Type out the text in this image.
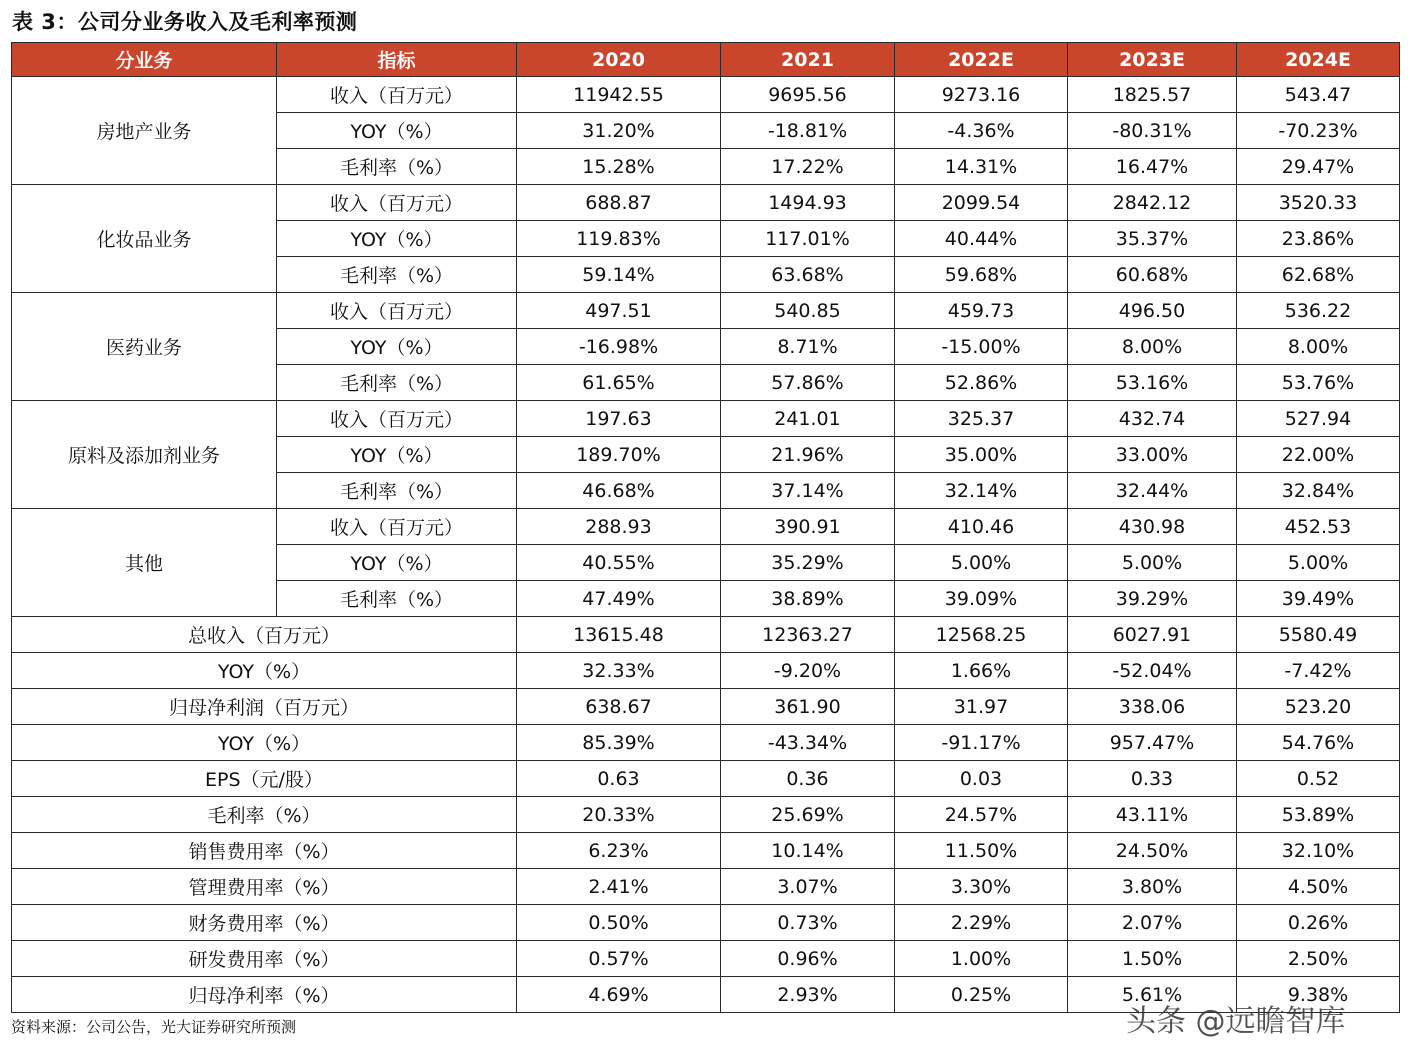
表 3：公司分业务收入及毛利率预测
分业务	指标	2020	2021	2022E	2023E	2024E
房地产业务	收入（百万元）	11942.55	9695.56	9273.16	1825.57	543.47
	YOY（%）	31.20%	-18.81%	-4.36%	-80.31%	-70.23%
	毛利率（%）	15.28%	17.22%	14.31%	16.47%	29.47%
化妆品业务	收入（百万元）	688.87	1494.93	2099.54	2842.12	3520.33
	YOY（%）	119.83%	117.01%	40.44%	35.37%	23.86%
	毛利率（%）	59.14%	63.68%	59.68%	60.68%	62.68%
医药业务	收入（百万元）	497.51	540.85	459.73	496.50	536.22
	YOY（%）	-16.98%	8.71%	-15.00%	8.00%	8.00%
	毛利率（%）	61.65%	57.86%	52.86%	53.16%	53.76%
原料及添加剂业务	收入（百万元）	197.63	241.01	325.37	432.74	527.94
	YOY（%）	189.70%	21.96%	35.00%	33.00%	22.00%
	毛利率（%）	46.68%	37.14%	32.14%	32.44%	32.84%
其他	收入（百万元）	288.93	390.91	410.46	430.98	452.53
	YOY（%）	40.55%	35.29%	5.00%	5.00%	5.00%
	毛利率（%）	47.49%	38.89%	39.09%	39.29%	39.49%
总收入（百万元）		13615.48	12363.27	12568.25	6027.91	5580.49
YOY（%）		32.33%	-9.20%	1.66%	-52.04%	-7.42%
归母净利润（百万元）		638.67	361.90	31.97	338.06	523.20
YOY（%）		85.39%	-43.34%	-91.17%	957.47%	54.76%
EPS（元/股）		0.63	0.36	0.03	0.33	0.52
毛利率（%）		20.33%	25.69%	24.57%	43.11%	53.89%
销售费用率（%）		6.23%	10.14%	11.50%	24.50%	32.10%
管理费用率（%）		2.41%	3.07%	3.30%	3.80%	4.50%
财务费用率（%）		0.50%	0.73%	2.29%	2.07%	0.26%
研发费用率（%）		0.57%	0.96%	1.00%	1.50%	2.50%
归母净利率（%）		4.69%	2.93%	0.25%	5.61%	9.38%
资料来源：公司公告，光大证券研究所预测	头条 @远瞻智库
